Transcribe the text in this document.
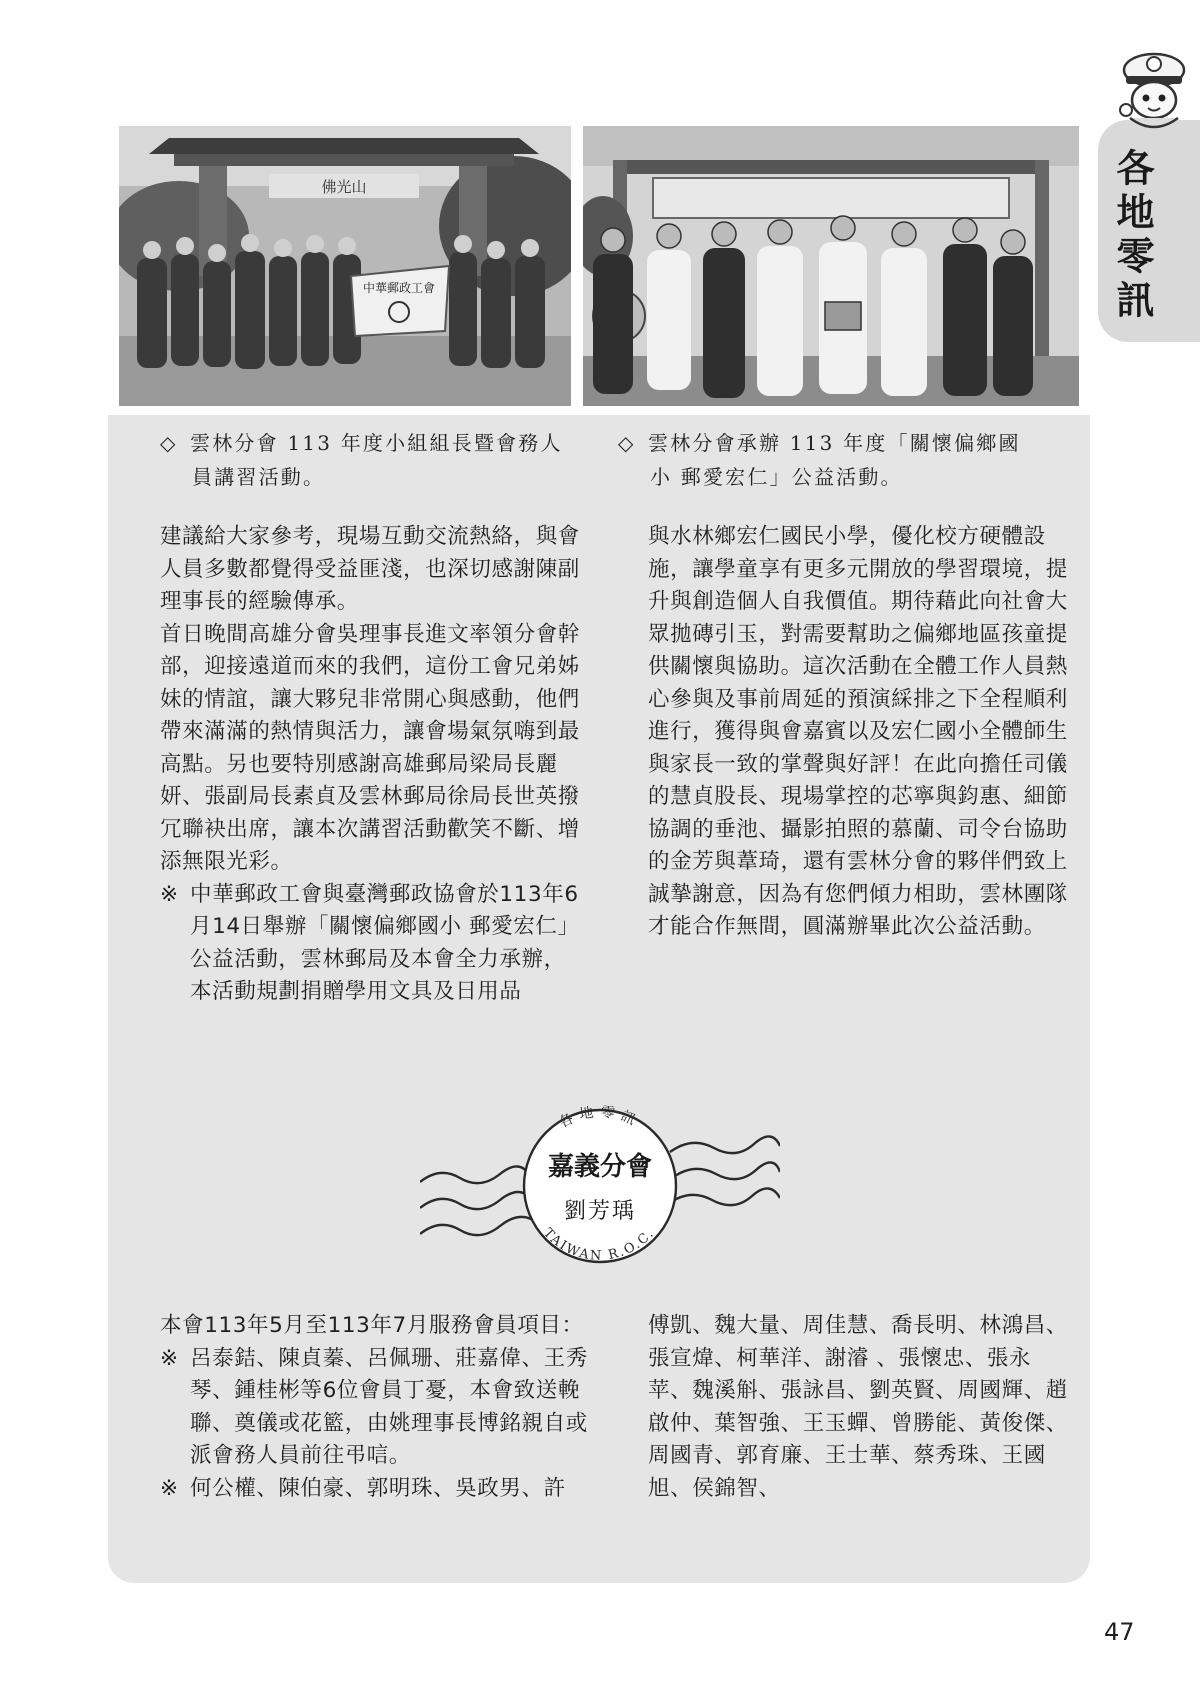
各地零訊
佛光山
中華郵政工會
◇ 雲林分會 113 年度小組組長暨會務人
員講習活動。
◇ 雲林分會承辦 113 年度「關懷偏鄉國
小 郵愛宏仁」公益活動。

建議給大家參考，現場互動交流熱絡，與會人員多數都覺得受益匪淺，也深切感謝陳副理事長的經驗傳承。

首日晚間高雄分會吳理事長進文率領分會幹部，迎接遠道而來的我們，這份工會兄弟姊妹的情誼，讓大夥兒非常開心與感動，他們帶來滿滿的熱情與活力，讓會場氣氛嗨到最高點。另也要特別感謝高雄郵局梁局長麗妍、張副局長素貞及雲林郵局徐局長世英撥冗聯袂出席，讓本次講習活動歡笑不斷、增添無限光彩。

※ 中華郵政工會與臺灣郵政協會於113年6月14日舉辦「關懷偏鄉國小 郵愛宏仁」公益活動，雲林郵局及本會全力承辦，本活動規劃捐贈學用文具及日用品

與水林鄉宏仁國民小學，優化校方硬體設施，讓學童享有更多元開放的學習環境，提升與創造個人自我價值。期待藉此向社會大眾拋磚引玉，對需要幫助之偏鄉地區孩童提供關懷與協助。這次活動在全體工作人員熱心參與及事前周延的預演綵排之下全程順利進行，獲得與會嘉賓以及宏仁國小全體師生與家長一致的掌聲與好評！在此向擔任司儀的慧貞股長、現場掌控的芯寧與鈞惠、細節協調的垂池、攝影拍照的慕蘭、司令台協助的金芳與葦琦，還有雲林分會的夥伴們致上誠摯謝意，因為有您們傾力相助，雲林團隊才能合作無間，圓滿辦畢此次公益活動。

各地零訊
TAIWAN R.O.C.
嘉義分會
劉芳瑀

本會113年5月至113年7月服務會員項目：

※ 呂泰銡、陳貞蓁、呂佩珊、莊嘉偉、王秀琴、鍾桂彬等6位會員丁憂，本會致送輓聯、奠儀或花籃，由姚理事長博銘親自或派會務人員前往弔唁。

※ 何公權、陳伯豪、郭明珠、吳政男、許

傅凱、魏大量、周佳慧、喬長明、林鴻昌、張宣煒、柯華洋、謝濬 、張懷忠、張永苹、魏溪斛、張詠昌、劉英賢、周國輝、趙啟仲、葉智強、王玉蟬、曾勝能、黃俊傑、周國青、郭育廉、王士華、蔡秀珠、王國旭、侯錦智、

47
